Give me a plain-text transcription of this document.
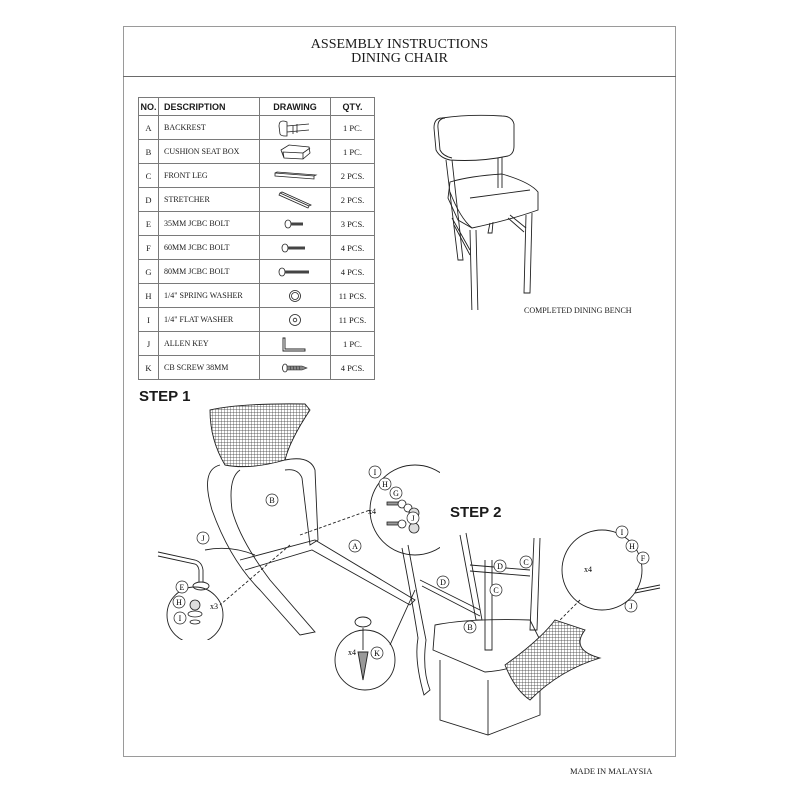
ASSEMBLY INSTRUCTIONS
DINING CHAIR
NO.	DESCRIPTION	DRAWING	QTY.
A	BACKREST		1 PC.
B	CUSHION SEAT BOX		1 PC.
C	FRONT LEG		2 PCS.
D	STRETCHER		2 PCS.
E	35MM JCBC BOLT		3 PCS.
F	60MM JCBC BOLT		4 PCS.
G	80MM JCBC BOLT		4 PCS.
H	1/4" SPRING WASHER		11 PCS.
I	1/4" FLAT WASHER		11 PCS.
J	ALLEN KEY		1 PC.
K	CB SCREW 38MM		4 PCS.
COMPLETED DINING BENCH
STEP 1
B
A
J
E
H
I
x3
I
H
G
J
x4	STEP 2
D
D	C
C
B
K
x4
I
H
F
J
x4
MADE IN MALAYSIA
